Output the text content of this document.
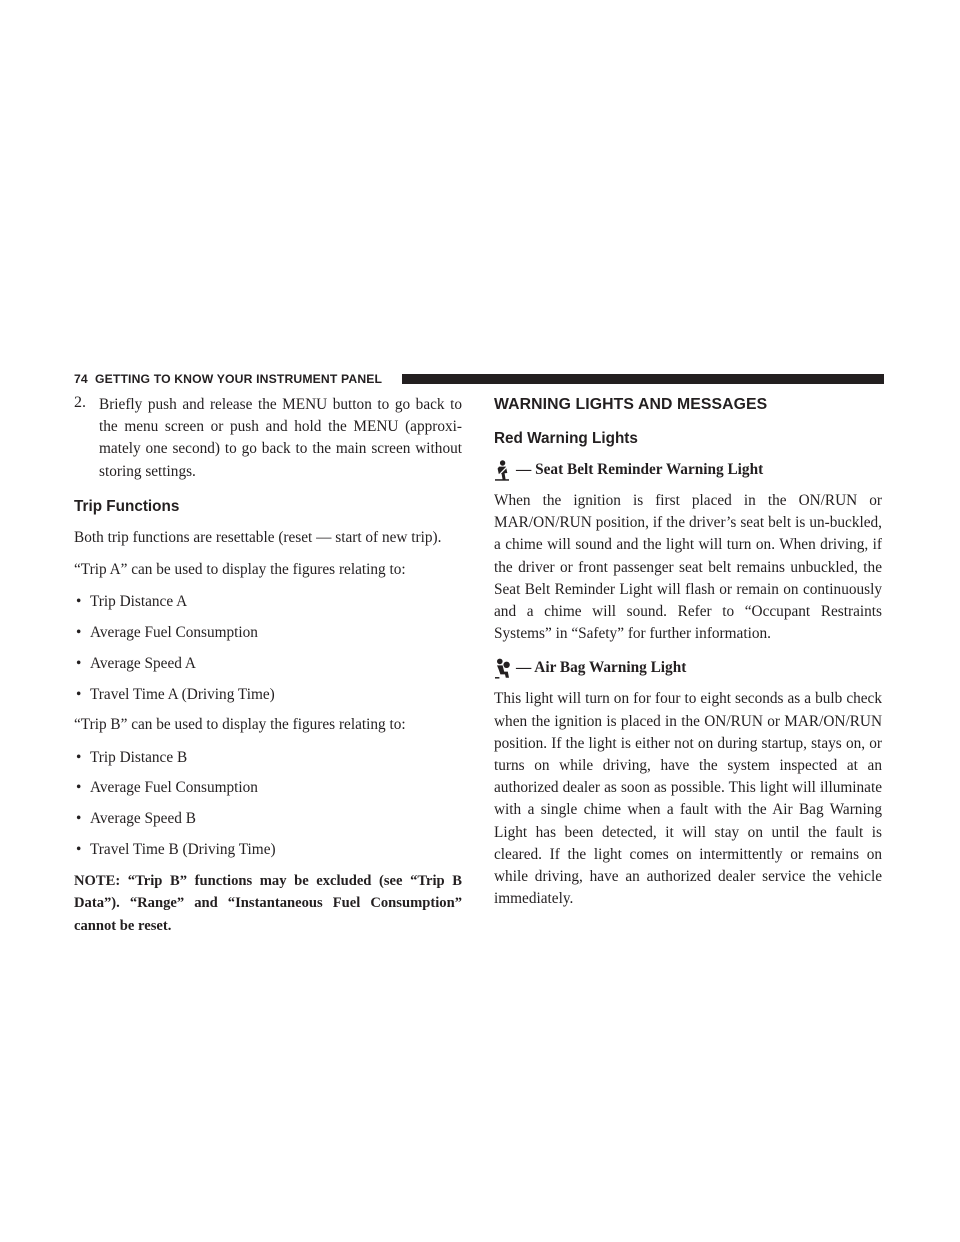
74 GETTING TO KNOW YOUR INSTRUMENT PANEL
2. Briefly push and release the MENU button to go back to the menu screen or push and hold the MENU (approxi-mately one second) to go back to the main screen without storing settings.

Trip Functions

Both trip functions are resettable (reset — start of new trip).

“Trip A” can be used to display the figures relating to:

• Trip Distance A
• Average Fuel Consumption
• Average Speed A
• Travel Time A (Driving Time)

“Trip B” can be used to display the figures relating to:

• Trip Distance B
• Average Fuel Consumption
• Average Speed B
• Travel Time B (Driving Time)

NOTE: “Trip B” functions may be excluded (see “Trip B Data”). “Range” and “Instantaneous Fuel Consumption” cannot be reset.

WARNING LIGHTS AND MESSAGES
Red Warning Lights
— Seat Belt Reminder Warning Light

When the ignition is first placed in the ON/RUN or MAR/ON/RUN position, if the driver’s seat belt is un-buckled, a chime will sound and the light will turn on. When driving, if the driver or front passenger seat belt remains unbuckled, the Seat Belt Reminder Light will flash or remain on continuously and a chime will sound. Refer to “Occupant Restraints Systems” in “Safety” for further information.

— Air Bag Warning Light

This light will turn on for four to eight seconds as a bulb check when the ignition is placed in the ON/RUN or MAR/ON/RUN position. If the light is either not on during startup, stays on, or turns on while driving, have the system inspected at an authorized dealer as soon as possible. This light will illuminate with a single chime when a fault with the Air Bag Warning Light has been detected, it will stay on until the fault is cleared. If the light comes on intermittently or remains on while driving, have an authorized dealer service the vehicle immediately.
